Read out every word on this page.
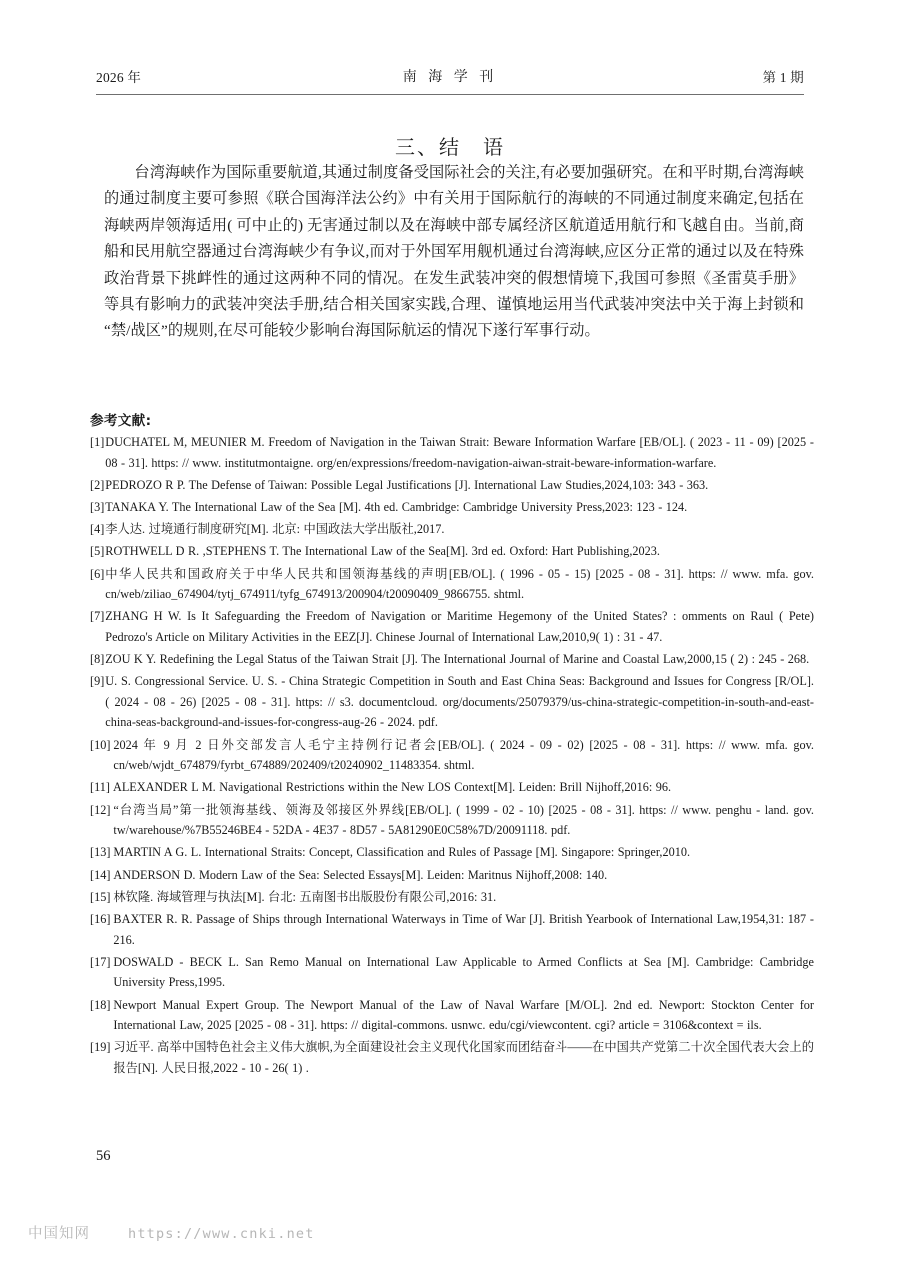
2026 年	南 海 学 刊	第 1 期
三、结　语

台湾海峡作为国际重要航道,其通过制度备受国际社会的关注,有必要加强研究。在和平时期,台湾海峡的通过制度主要可参照《联合国海洋法公约》中有关用于国际航行的海峡的不同通过制度来确定,包括在海峡两岸领海适用( 可中止的) 无害通过制以及在海峡中部专属经济区航道适用航行和飞越自由。当前,商船和民用航空器通过台湾海峡少有争议,而对于外国军用舰机通过台湾海峡,应区分正常的通过以及在特殊政治背景下挑衅性的通过这两种不同的情况。在发生武装冲突的假想情境下,我国可参照《圣雷莫手册》等具有影响力的武装冲突法手册,结合相关国家实践,合理、谨慎地运用当代武装冲突法中关于海上封锁和 “禁/战区”的规则,在尽可能较少影响台海国际航运的情况下遂行军事行动。

参考文献:
[1] DUCHATEL M, MEUNIER M. Freedom of Navigation in the Taiwan Strait: Beware Information Warfare [EB/OL]. ( 2023 - 11 - 09) [2025 - 08 - 31]. https: // www. institutmontaigne. org/en/expressions/freedom-navigation-aiwan-strait-beware-information-warfare.
[2] PEDROZO R P. The Defense of Taiwan: Possible Legal Justifications [J]. International Law Studies,2024,103: 343 - 363.
[3] TANAKA Y. The International Law of the Sea [M]. 4th ed. Cambridge: Cambridge University Press,2023: 123 - 124.
[4] 李人达. 过境通行制度研究[M]. 北京: 中国政法大学出版社,2017.
[5] ROTHWELL D R. ,STEPHENS T. The International Law of the Sea[M]. 3rd ed. Oxford: Hart Publishing,2023.
[6] 中华人民共和国政府关于中华人民共和国领海基线的声明[EB/OL]. ( 1996 - 05 - 15) [2025 - 08 - 31]. https: // www. mfa. gov. cn/web/ziliao_674904/tytj_674911/tyfg_674913/200904/t20090409_9866755. shtml.
[7] ZHANG H W. Is It Safeguarding the Freedom of Navigation or Maritime Hegemony of the United States? : omments on Raul ( Pete) Pedrozo's Article on Military Activities in the EEZ[J]. Chinese Journal of International Law,2010,9( 1) : 31 - 47.
[8] ZOU K Y. Redefining the Legal Status of the Taiwan Strait [J]. The International Journal of Marine and Coastal Law,2000,15 ( 2) : 245 - 268.
[9] U. S. Congressional Service. U. S. - China Strategic Competition in South and East China Seas: Background and Issues for Congress [R/OL]. ( 2024 - 08 - 26) [2025 - 08 - 31]. https: // s3. documentcloud. org/documents/25079379/us-china-strategic-competition-in-south-and-east-china-seas-background-and-issues-for-congress-aug-26 - 2024. pdf.
[10] 2024 年 9 月 2 日外交部发言人毛宁主持例行记者会[EB/OL]. ( 2024 - 09 - 02) [2025 - 08 - 31]. https: // www. mfa. gov. cn/web/wjdt_674879/fyrbt_674889/202409/t20240902_11483354. shtml.
[11] ALEXANDER L M. Navigational Restrictions within the New LOS Context[M]. Leiden: Brill Nijhoff,2016: 96.
[12] “台湾当局”第一批领海基线、领海及邻接区外界线[EB/OL]. ( 1999 - 02 - 10) [2025 - 08 - 31]. https: // www. penghu - land. gov. tw/warehouse/%7B55246BE4 - 52DA - 4E37 - 8D57 - 5A81290E0C58%7D/20091118. pdf.
[13] MARTIN A G. L. International Straits: Concept, Classification and Rules of Passage [M]. Singapore: Springer,2010.
[14] ANDERSON D. Modern Law of the Sea: Selected Essays[M]. Leiden: Maritnus Nijhoff,2008: 140.
[15] 林钦隆. 海域管理与执法[M]. 台北: 五南图书出版股份有限公司,2016: 31.
[16] BAXTER R. R. Passage of Ships through International Waterways in Time of War [J]. British Yearbook of International Law,1954,31: 187 - 216.
[17] DOSWALD - BECK L. San Remo Manual on International Law Applicable to Armed Conflicts at Sea [M]. Cambridge: Cambridge University Press,1995.
[18] Newport Manual Expert Group. The Newport Manual of the Law of Naval Warfare [M/OL]. 2nd ed. Newport: Stockton Center for International Law, 2025 [2025 - 08 - 31]. https: // digital-commons. usnwc. edu/cgi/viewcontent. cgi? article = 3106&context = ils.
[19] 习近平. 高举中国特色社会主义伟大旗帜,为全面建设社会主义现代化国家而团结奋斗——在中国共产党第二十次全国代表大会上的报告[N]. 人民日报,2022 - 10 - 26( 1) .
56
中国知网	https://www.cnki.net
